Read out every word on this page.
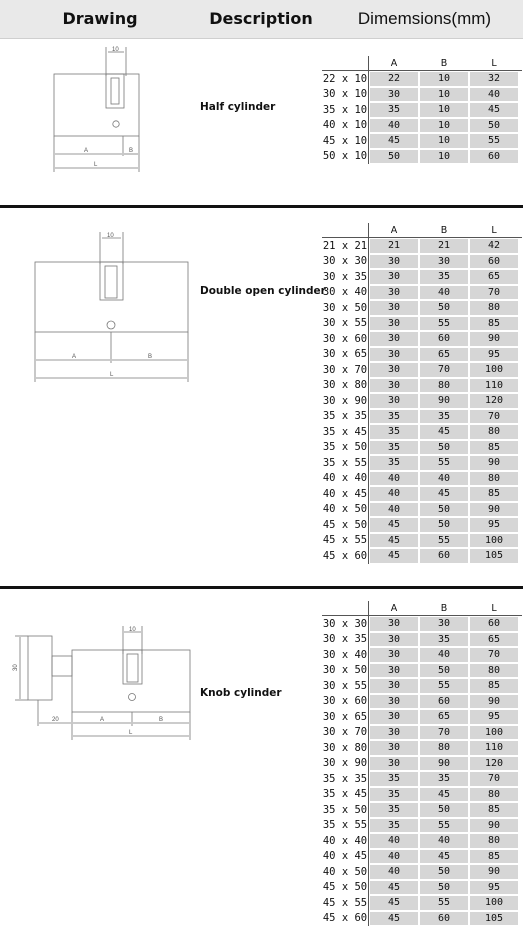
Drawing	Description	Dimemsions(mm)
10
A	B
L
Half cylinder
A	B	L
22 x 10	22	10	32
30 x 10	30	10	40
35 x 10	35	10	45
40 x 10	40	10	50
45 x 10	45	10	55
50 x 10	50	10	60
10
A	B
L
Double open cylinder
A	B	L
21 x 21	21	21	42
30 x 30	30	30	60
30 x 35	30	35	65
30 x 40	30	40	70
30 x 50	30	50	80
30 x 55	30	55	85
30 x 60	30	60	90
30 x 65	30	65	95
30 x 70	30	70	100
30 x 80	30	80	110
30 x 90	30	90	120
35 x 35	35	35	70
35 x 45	35	45	80
35 x 50	35	50	85
35 x 55	35	55	90
40 x 40	40	40	80
40 x 45	40	45	85
40 x 50	40	50	90
45 x 50	45	50	95
45 x 55	45	55	100
45 x 60	45	60	105
10
30
20	A	B
L
Knob cylinder
A	B	L
30 x 30	30	30	60
30 x 35	30	35	65
30 x 40	30	40	70
30 x 50	30	50	80
30 x 55	30	55	85
30 x 60	30	60	90
30 x 65	30	65	95
30 x 70	30	70	100
30 x 80	30	80	110
30 x 90	30	90	120
35 x 35	35	35	70
35 x 45	35	45	80
35 x 50	35	50	85
35 x 55	35	55	90
40 x 40	40	40	80
40 x 45	40	45	85
40 x 50	40	50	90
45 x 50	45	50	95
45 x 55	45	55	100
45 x 60	45	60	105
